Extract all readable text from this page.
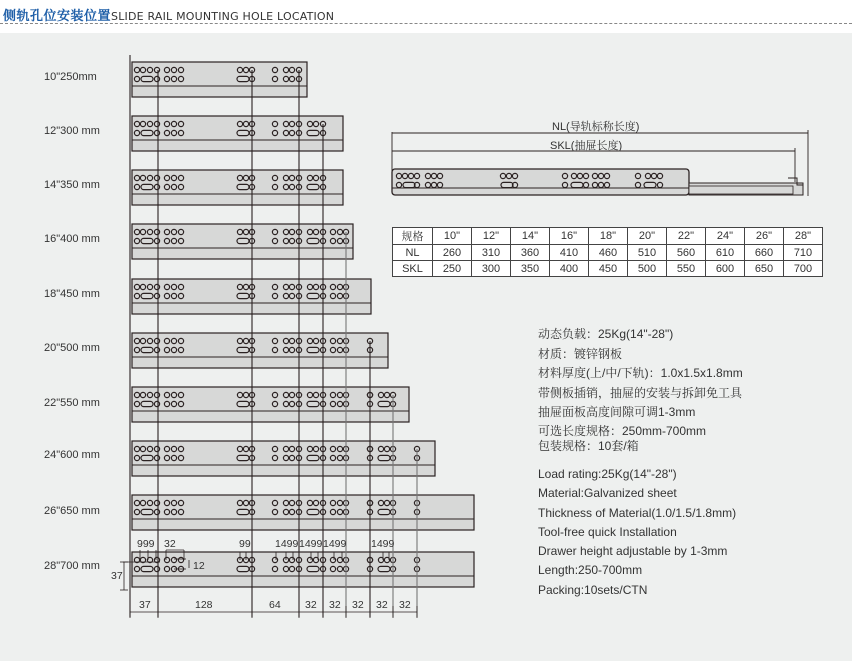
侧轨孔位安装位置SLIDE RAIL MOUNTING HOLE LOCATION
10"250mm
12"300 mm
14"350 mm
16"400 mm
18"450 mm
20"500 mm
22"550 mm
24"600 mm
26"650 mm
28"700 mm
999 32	99 1499 1499 1499 1499
12
37
37	128	64 32 32 32 32 32
NL(导轨标称长度)
SKL(抽屉长度)
规格	10"	12"	14"	16"	18"	20"	22"	24"	26"	28"
NL	260	310	360	410	460	510	560	610	660	710
SKL	250	300	350	400	450	500	550	600	650	700
动态负载：25Kg(14"-28")
材质：镀锌钢板
材料厚度(上/中/下轨)：1.0x1.5x1.8mm
带侧板插销，抽屉的安装与拆卸免工具
抽屉面板高度间隙可调1-3mm
可选长度规格：250mm-700mm
包装规格：10套/箱
Load rating:25Kg(14"-28")
Material:Galvanized sheet
Thickness of Material(1.0/1.5/1.8mm)
Tool-free quick Installation
Drawer height adjustable by 1-3mm
Length:250-700mm
Packing:10sets/CTN
